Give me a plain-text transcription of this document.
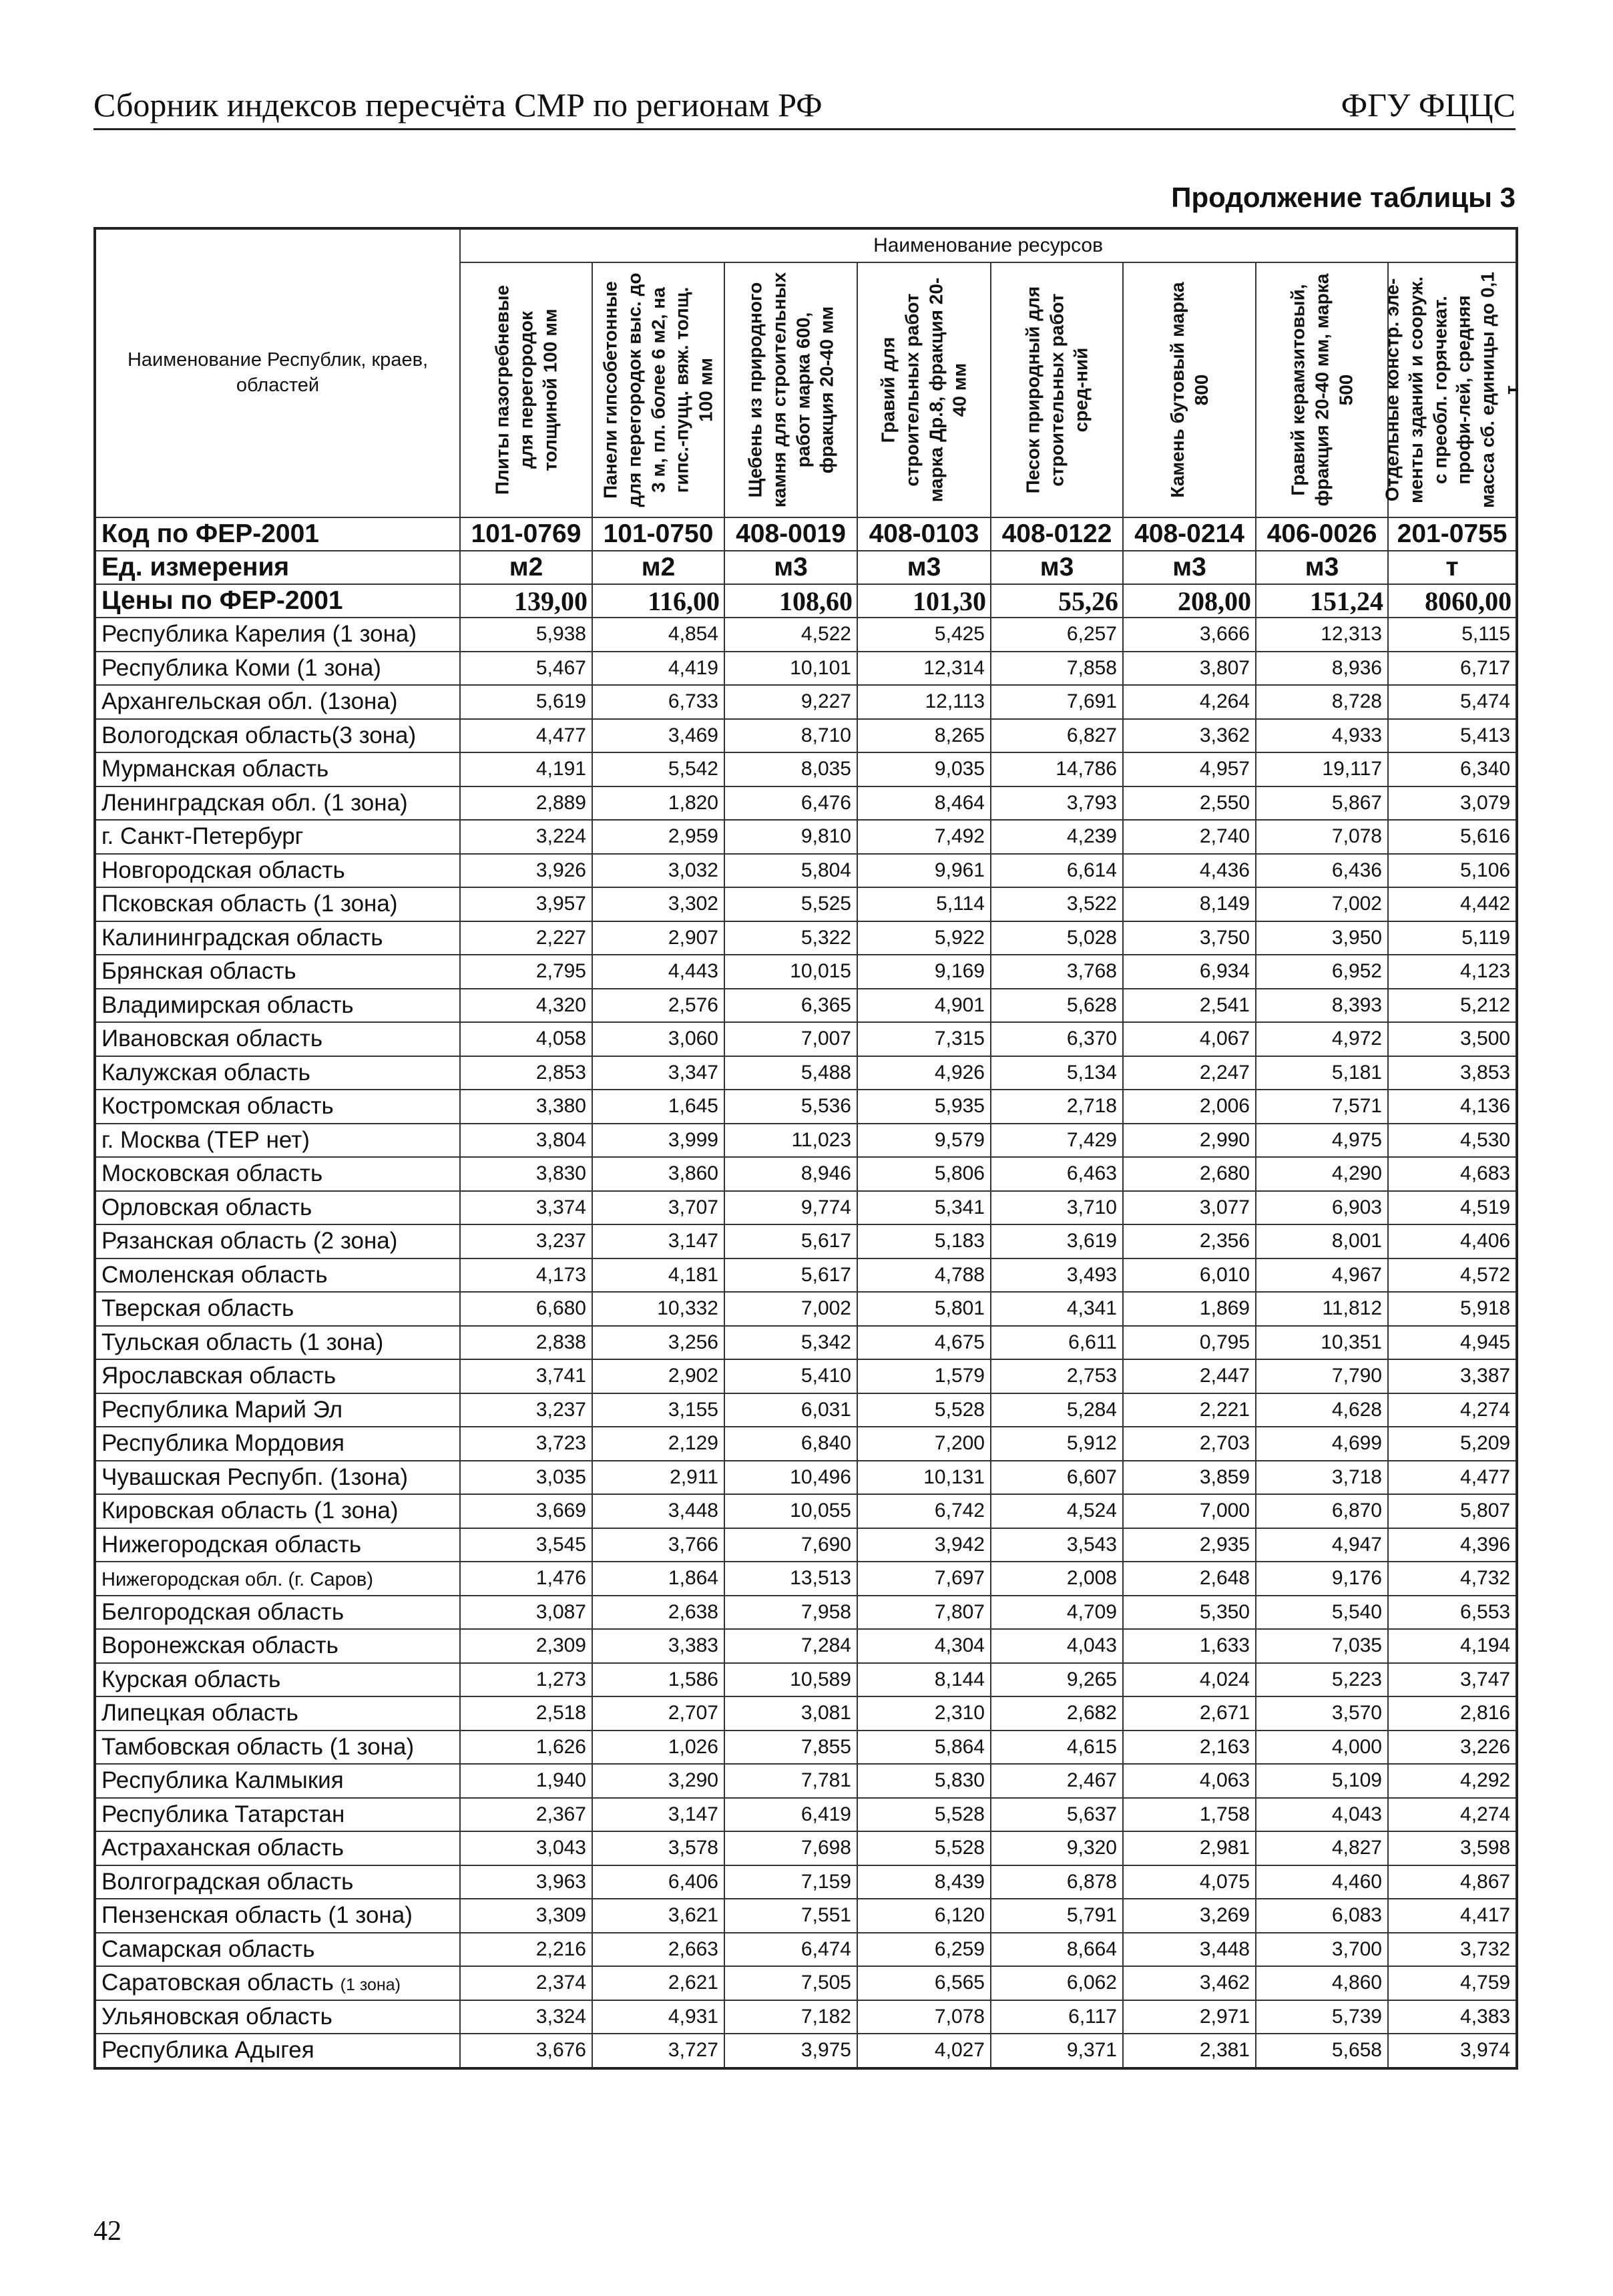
Сборник индексов пересчёта СМР по регионам РФ	ФГУ ФЦЦС
Продолжение таблицы 3
Наименование Республик, краев, областей	Наименование ресурсов							

	Плиты пазогребневые для перегородок толщиной 100 мм	Панели гипсобетонные для перегородок выс. до 3 м, пл. более 6 м2, на гипс.-пуцц. вяж. толщ. 100 мм	Щебень из природного камня для строительных работ марка 600, фракция 20-40 мм	Гравий для строительных работ марка Др.8, фракция 20-40 мм	Песок природный для строительных работ сред-ний	Камень бутовый марка 800	Гравий керамзитовый, фракция 20-40 мм, марка 500	Отдельные констр. эле-менты зданий и сооруж. с преобл. горячекат. профи-лей, средняя масса сб. единицы до 0,1 т

Код по ФЕР-2001	101-0769	101-0750	408-0019	408-0103	408-0122	408-0214	406-0026	201-0755
Ед. измерения	м2	м2	м3	м3	м3	м3	м3	т
Цены по ФЕР-2001	139,00	116,00	108,60	101,30	55,26	208,00	151,24	8060,00
Республика Карелия (1 зона)	5,938	4,854	4,522	5,425	6,257	3,666	12,313	5,115
Республика Коми (1 зона)	5,467	4,419	10,101	12,314	7,858	3,807	8,936	6,717
Архангельская обл. (1зона)	5,619	6,733	9,227	12,113	7,691	4,264	8,728	5,474
Вологодская область(3 зона)	4,477	3,469	8,710	8,265	6,827	3,362	4,933	5,413
Мурманская область	4,191	5,542	8,035	9,035	14,786	4,957	19,117	6,340
Ленинградская обл. (1 зона)	2,889	1,820	6,476	8,464	3,793	2,550	5,867	3,079
г. Санкт-Петербург	3,224	2,959	9,810	7,492	4,239	2,740	7,078	5,616
Новгородская область	3,926	3,032	5,804	9,961	6,614	4,436	6,436	5,106
Псковская область (1 зона)	3,957	3,302	5,525	5,114	3,522	8,149	7,002	4,442
Калининградская область	2,227	2,907	5,322	5,922	5,028	3,750	3,950	5,119
Брянская область	2,795	4,443	10,015	9,169	3,768	6,934	6,952	4,123
Владимирская область	4,320	2,576	6,365	4,901	5,628	2,541	8,393	5,212
Ивановская область	4,058	3,060	7,007	7,315	6,370	4,067	4,972	3,500
Калужская область	2,853	3,347	5,488	4,926	5,134	2,247	5,181	3,853
Костромская область	3,380	1,645	5,536	5,935	2,718	2,006	7,571	4,136
г. Москва (ТЕР нет)	3,804	3,999	11,023	9,579	7,429	2,990	4,975	4,530
Московская область	3,830	3,860	8,946	5,806	6,463	2,680	4,290	4,683
Орловская область	3,374	3,707	9,774	5,341	3,710	3,077	6,903	4,519
Рязанская область (2 зона)	3,237	3,147	5,617	5,183	3,619	2,356	8,001	4,406
Смоленская область	4,173	4,181	5,617	4,788	3,493	6,010	4,967	4,572
Тверская область	6,680	10,332	7,002	5,801	4,341	1,869	11,812	5,918
Тульская область (1 зона)	2,838	3,256	5,342	4,675	6,611	0,795	10,351	4,945
Ярославская область	3,741	2,902	5,410	1,579	2,753	2,447	7,790	3,387
Республика Марий Эл	3,237	3,155	6,031	5,528	5,284	2,221	4,628	4,274
Республика Мордовия	3,723	2,129	6,840	7,200	5,912	2,703	4,699	5,209
Чувашская Респубп. (1зона)	3,035	2,911	10,496	10,131	6,607	3,859	3,718	4,477
Кировская область (1 зона)	3,669	3,448	10,055	6,742	4,524	7,000	6,870	5,807
Нижегородская область	3,545	3,766	7,690	3,942	3,543	2,935	4,947	4,396
Нижегородская обл. (г. Саров)	1,476	1,864	13,513	7,697	2,008	2,648	9,176	4,732
Белгородская область	3,087	2,638	7,958	7,807	4,709	5,350	5,540	6,553
Воронежская область	2,309	3,383	7,284	4,304	4,043	1,633	7,035	4,194
Курская область	1,273	1,586	10,589	8,144	9,265	4,024	5,223	3,747
Липецкая область	2,518	2,707	3,081	2,310	2,682	2,671	3,570	2,816
Тамбовская область (1 зона)	1,626	1,026	7,855	5,864	4,615	2,163	4,000	3,226
Республика Калмыкия	1,940	3,290	7,781	5,830	2,467	4,063	5,109	4,292
Республика Татарстан	2,367	3,147	6,419	5,528	5,637	1,758	4,043	4,274
Астраханская область	3,043	3,578	7,698	5,528	9,320	2,981	4,827	3,598
Волгоградская область	3,963	6,406	7,159	8,439	6,878	4,075	4,460	4,867
Пензенская область (1 зона)	3,309	3,621	7,551	6,120	5,791	3,269	6,083	4,417
Самарская область	2,216	2,663	6,474	6,259	8,664	3,448	3,700	3,732
Саратовская область (1 зона)	2,374	2,621	7,505	6,565	6,062	3,462	4,860	4,759
Ульяновская область	3,324	4,931	7,182	7,078	6,117	2,971	5,739	4,383
Республика Адыгея	3,676	3,727	3,975	4,027	9,371	2,381	5,658	3,974
42
